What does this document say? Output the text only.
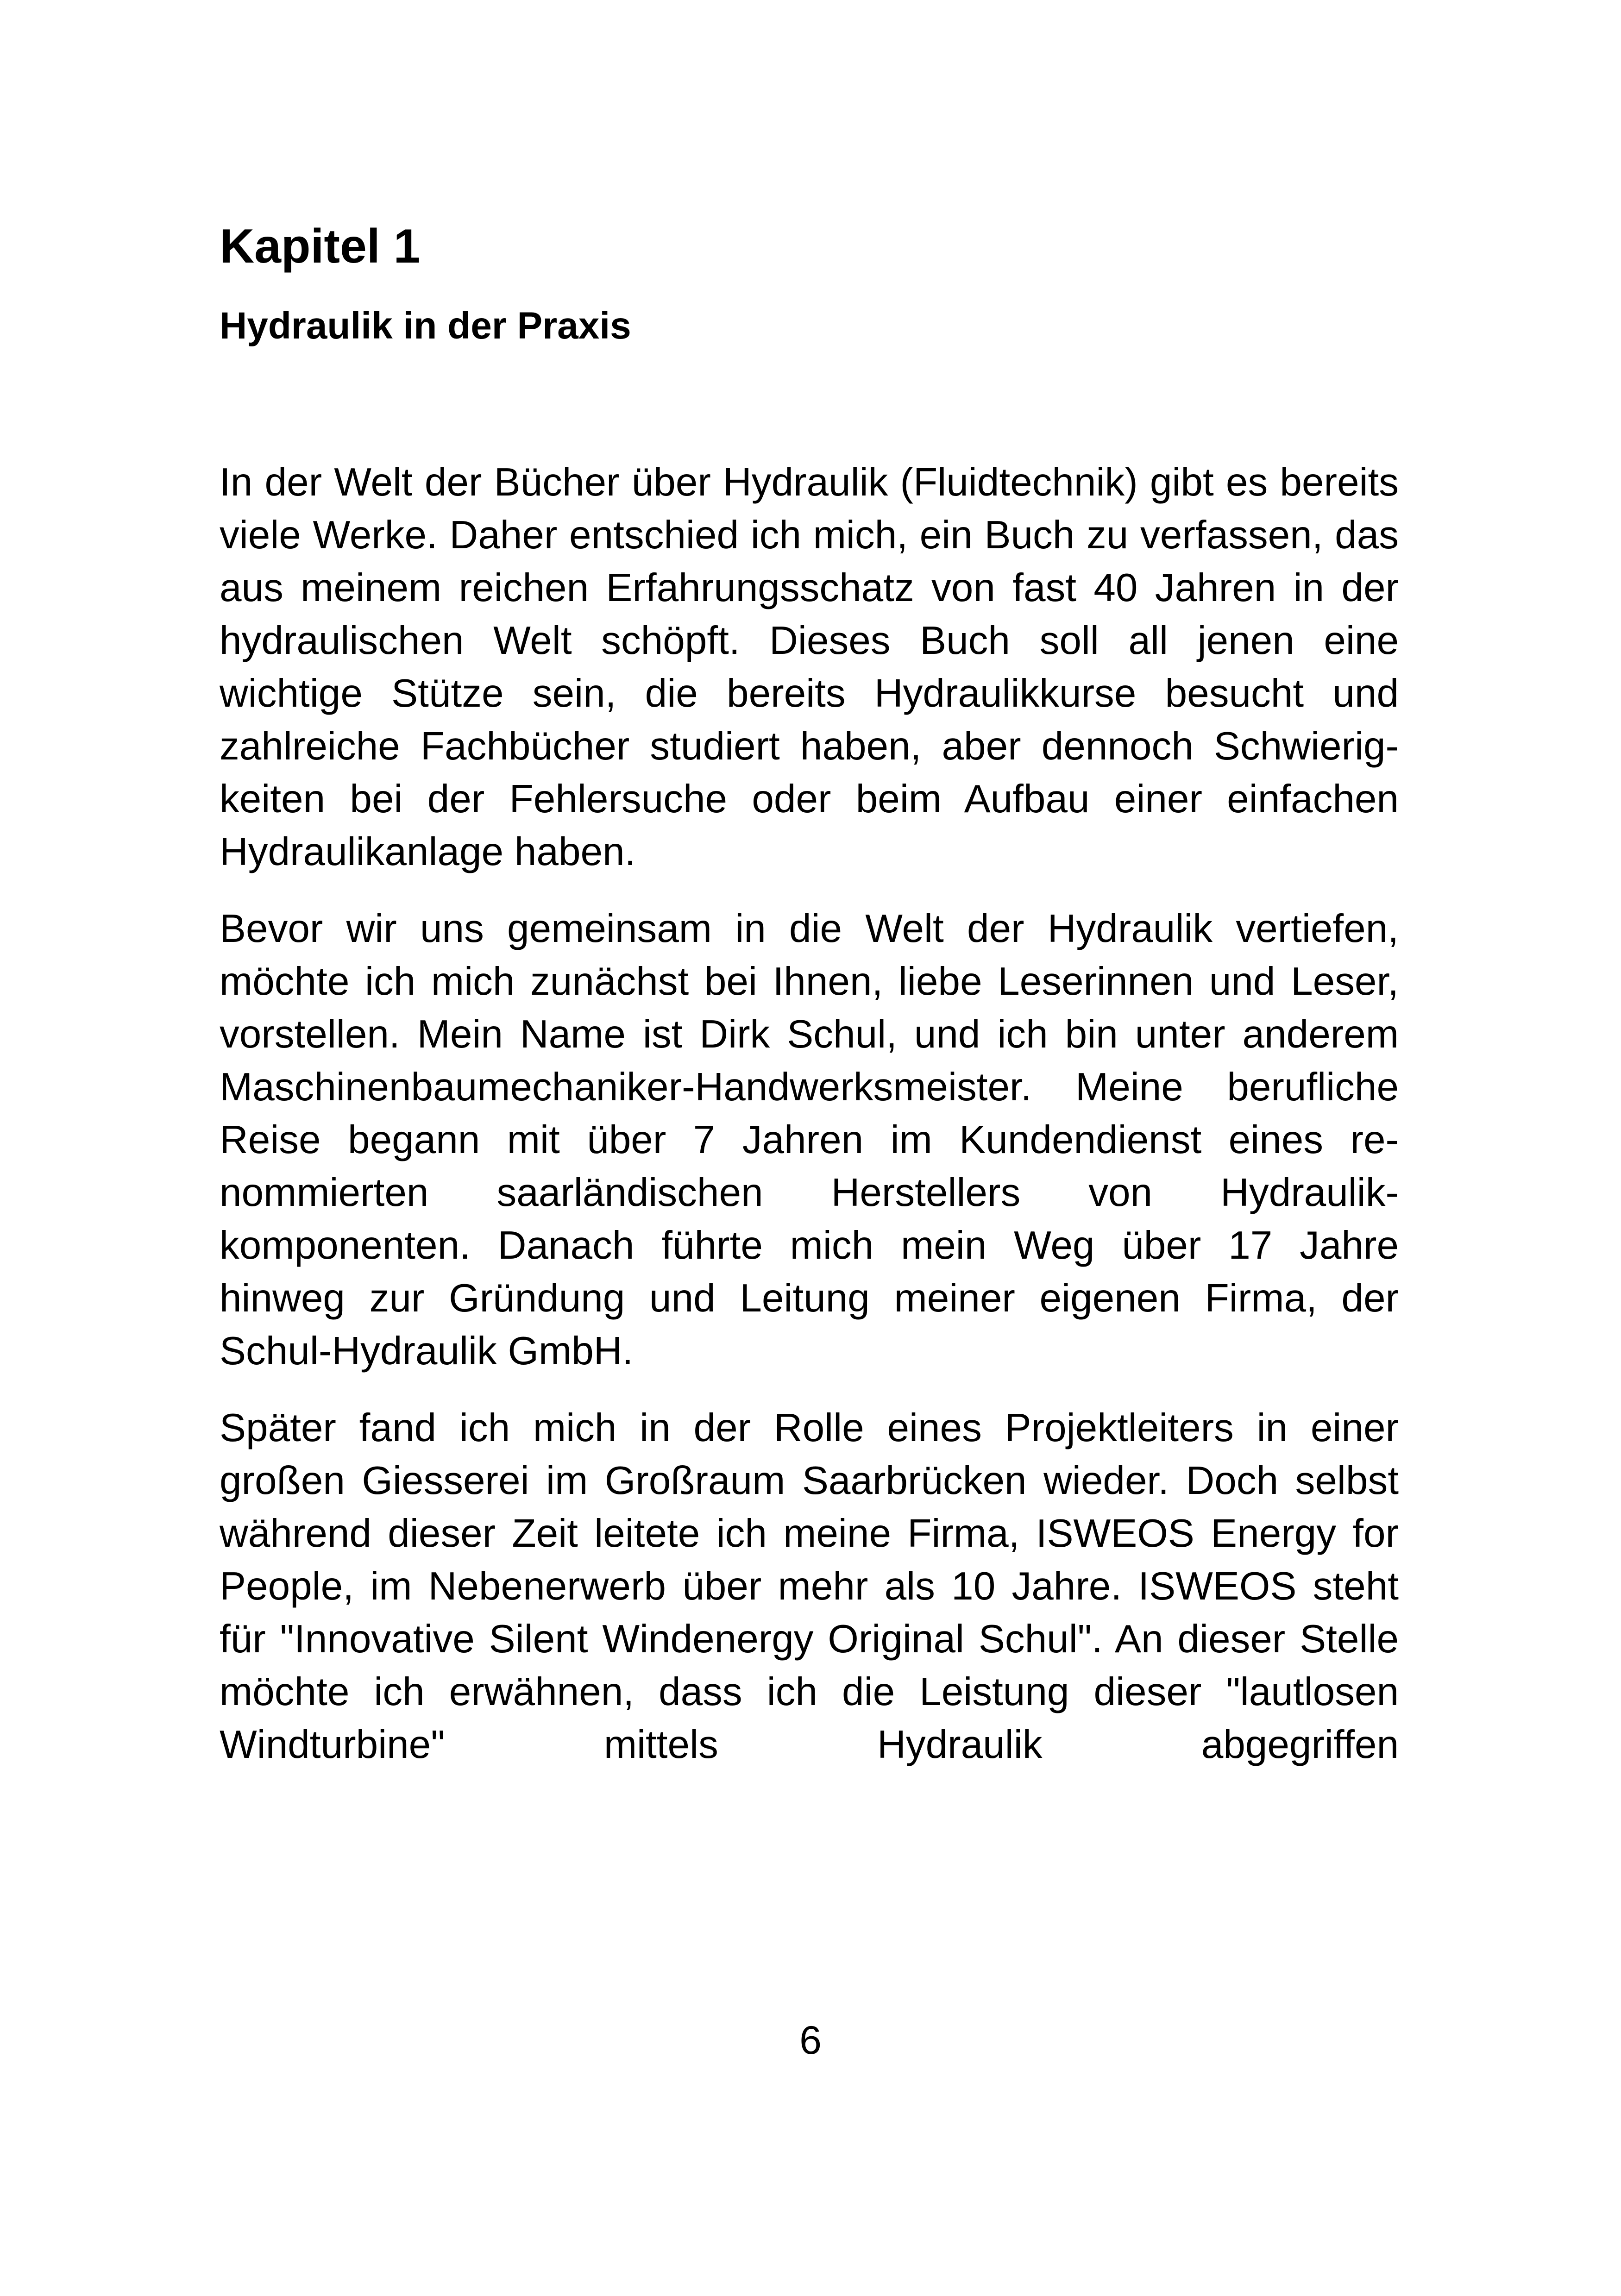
Kapitel 1
Hydraulik in der Praxis

In der Welt der Bücher über Hydraulik (Fluidtechnik) gibt es bereits viele Werke. Daher entschied ich mich, ein Buch zu verfassen, das aus meinem reichen Erfahrungsschatz von fast 40 Jahren in der hydraulischen Welt schöpft. Dieses Buch soll all jenen eine wichtige Stütze sein, die bereits Hydraulikkurse besucht und zahlreiche Fachbücher studiert haben, aber dennoch Schwierigkeiten bei der Fehlersuche oder beim Aufbau einer einfachen Hydraulikanlage haben.

Bevor wir uns gemeinsam in die Welt der Hydraulik vertiefen, möchte ich mich zunächst bei Ihnen, liebe Leserinnen und Leser, vorstellen. Mein Name ist Dirk Schul, und ich bin unter anderem Maschinenbaumechaniker-Handwerksmeister. Meine berufliche Reise begann mit über 7 Jahren im Kundendienst eines renommierten saarländischen Herstellers von Hydraulikkomponenten. Danach führte mich mein Weg über 17 Jahre hinweg zur Gründung und Leitung meiner eigenen Firma, der Schul-Hydraulik GmbH.

Später fand ich mich in der Rolle eines Projektleiters in einer großen Giesserei im Großraum Saarbrücken wieder. Doch selbst während dieser Zeit leitete ich meine Firma, ISWEOS Energy for People, im Nebenerwerb über mehr als 10 Jahre. ISWEOS steht für "Innovative Silent Windenergy Original Schul". An dieser Stelle möchte ich erwähnen, dass ich die Leistung dieser "lautlosen Windturbine" mittels Hydraulik abgegriffen

6
